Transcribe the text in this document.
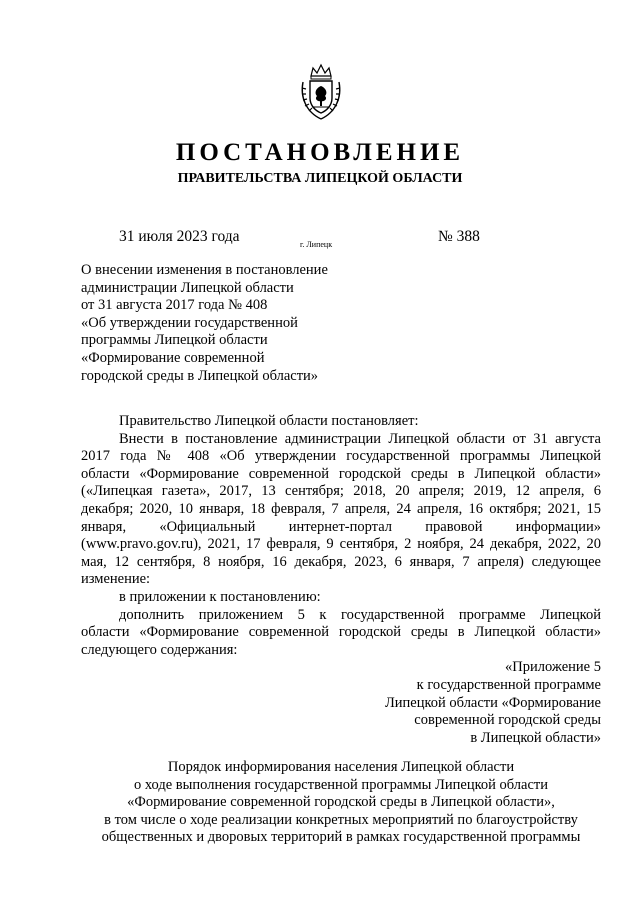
ПОСТАНОВЛЕНИЕ
ПРАВИТЕЛЬСТВА ЛИПЕЦКОЙ ОБЛАСТИ
31 июля 2023 года	г. Липецк	№ 388
О внесении изменения в постановление
администрации Липецкой области
от 31 августа 2017 года № 408
«Об утверждении государственной
программы Липецкой области
«Формирование современной
городской среды в Липецкой области»
Правительство Липецкой области постановляет:
Внести в постановление администрации Липецкой области от 31 августа
2017 года № 408 «Об утверждении государственной программы Липецкой
области «Формирование современной городской среды в Липецкой области»
(«Липецкая газета», 2017, 13 сентября; 2018, 20 апреля; 2019, 12 апреля, 6
декабря; 2020, 10 января, 18 февраля, 7 апреля, 24 апреля, 16 октября; 2021, 15
января, «Официальный интернет-портал правовой информации»
(www.pravo.gov.ru), 2021, 17 февраля, 9 сентября, 2 ноября, 24 декабря, 2022, 20
мая, 12 сентября, 8 ноября, 16 декабря, 2023, 6 января, 7 апреля) следующее
изменение:
в приложении к постановлению:
дополнить приложением 5 к государственной программе Липецкой
области «Формирование современной городской среды в Липецкой области»
следующего содержания:
«Приложение 5
к государственной программе
Липецкой области «Формирование
современной городской среды
в Липецкой области»
Порядок информирования населения Липецкой области
о ходе выполнения государственной программы Липецкой области
«Формирование современной городской среды в Липецкой области»,
в том числе о ходе реализации конкретных мероприятий по благоустройству
общественных и дворовых территорий в рамках государственной программы
